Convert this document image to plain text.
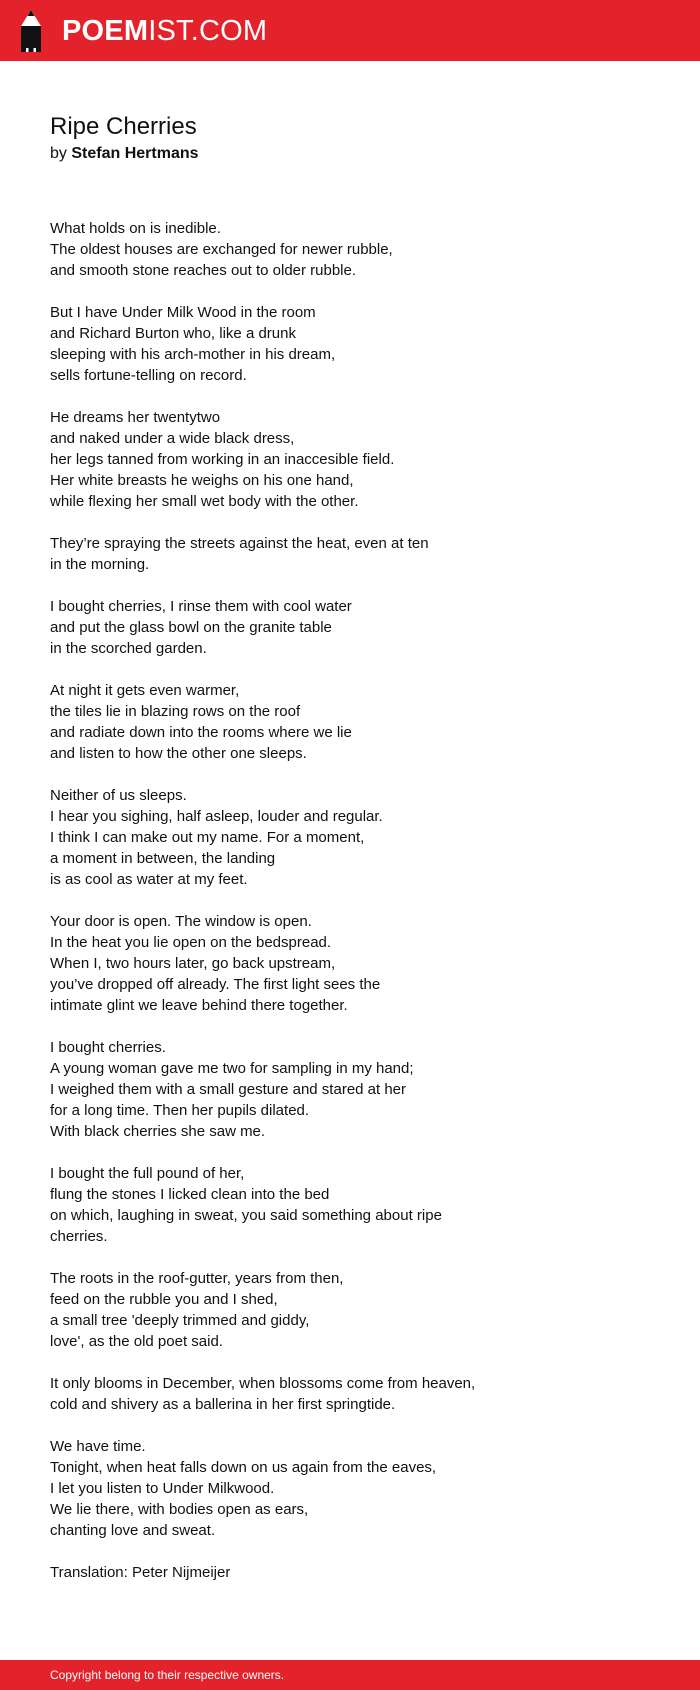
POEMIST.COM
Ripe Cherries
by Stefan Hertmans
What holds on is inedible.
The oldest houses are exchanged for newer rubble,
and smooth stone reaches out to older rubble.
But I have Under Milk Wood in the room
and Richard Burton who, like a drunk
sleeping with his arch-mother in his dream,
sells fortune-telling on record.
He dreams her twentytwo
and naked under a wide black dress,
her legs tanned from working in an inaccesible field.
Her white breasts he weighs on his one hand,
while flexing her small wet body with the other.
They’re spraying the streets against the heat, even at ten
in the morning.
I bought cherries, I rinse them with cool water
and put the glass bowl on the granite table
in the scorched garden.
At night it gets even warmer,
the tiles lie in blazing rows on the roof
and radiate down into the rooms where we lie
and listen to how the other one sleeps.
Neither of us sleeps.
I hear you sighing, half asleep, louder and regular.
I think I can make out my name. For a moment,
a moment in between, the landing
is as cool as water at my feet.
Your door is open. The window is open.
In the heat you lie open on the bedspread.
When I, two hours later, go back upstream,
you’ve dropped off already. The first light sees the
intimate glint we leave behind there together.
I bought cherries.
A young woman gave me two for sampling in my hand;
I weighed them with a small gesture and stared at her
for a long time. Then her pupils dilated.
With black cherries she saw me.
I bought the full pound of her,
flung the stones I licked clean into the bed
on which, laughing in sweat, you said something about ripe
cherries.
The roots in the roof-gutter, years from then,
feed on the rubble you and I shed,
a small tree 'deeply trimmed and giddy,
love', as the old poet said.
It only blooms in December, when blossoms come from heaven,
cold and shivery as a ballerina in her first springtide.
We have time.
Tonight, when heat falls down on us again from the eaves,
I let you listen to Under Milkwood.
We lie there, with bodies open as ears,
chanting love and sweat.

Translation: Peter Nijmeijer

Copyright belong to their respective owners.
